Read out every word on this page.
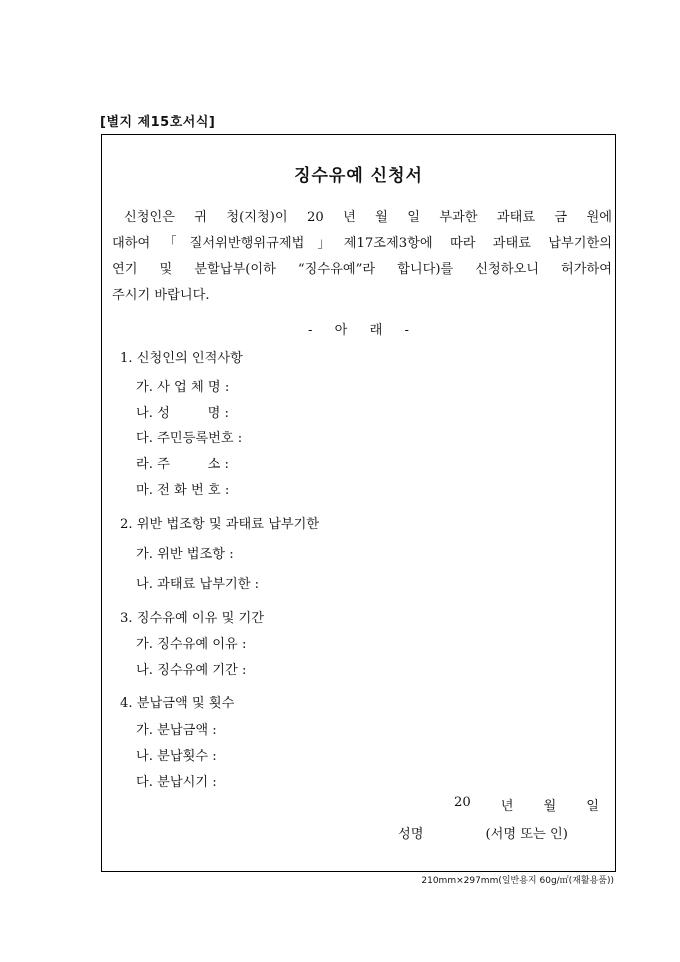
[별지 제15호서식]
징수유예 신청서
신청인은 귀 청(지청)이 20 년 월 일 부과한 과태료 금 원에
대하여「질서위반행위규제법」제17조제3항에 따라 과태료 납부기한의
연기 및 분할납부(이하 “징수유예”라 합니다)를 신청하오니 허가하여
주시기 바랍니다.
- 아 래 -
1. 신청인의 인적사항
가. 사 업 체 명 :
나. 성         명 :
다. 주민등록번호 :
라. 주         소 :
마. 전 화 번 호 :
2. 위반 법조항 및 과태료 납부기한
가. 위반 법조항 :
나. 과태료 납부기한 :
3. 징수유예 이유 및 기간
가. 징수유예 이유 :
나. 징수유예 기간 :
4. 분납금액 및 횟수
가. 분납금액 :
나. 분납횟수 :
다. 분납시기 :
20 년 월 일
성명	(서명 또는 인)
210mm×297mm(일반용지 60g/㎡(재활용품))
